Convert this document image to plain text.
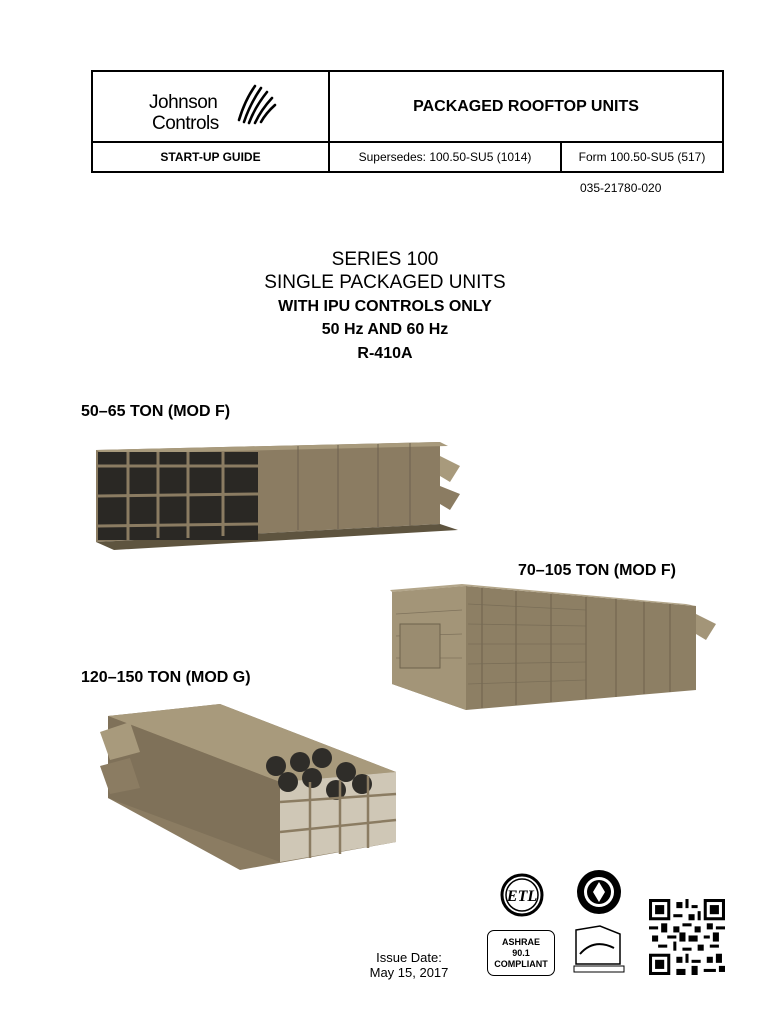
Johnson
Controls
PACKAGED ROOFTOP UNITS
START-UP GUIDE	Supersedes: 100.50-SU5 (1014)	Form 100.50-SU5 (517)
035-21780-020
SERIES 100
SINGLE PACKAGED UNITS
WITH IPU CONTROLS ONLY
50 Hz AND 60 Hz
R-410A
50–65 TON (MOD F)
70–105 TON (MOD F)
120–150 TON (MOD G)
Issue Date:
May 15, 2017
ETL
ASHRAE
90.1
COMPLIANT
